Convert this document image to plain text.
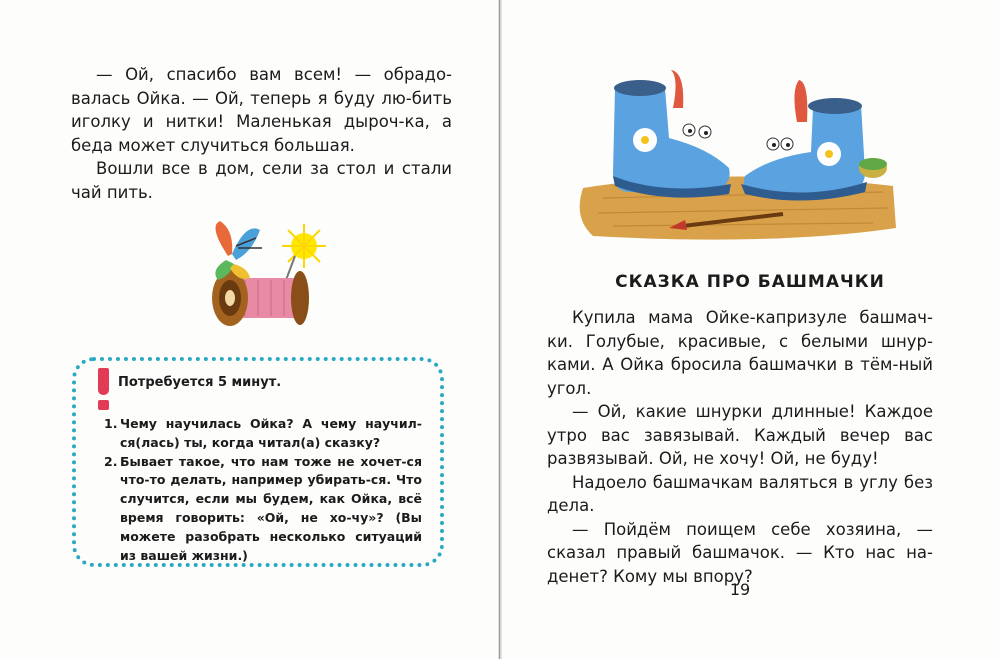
— Ой, спасибо вам всем! — обрадо-валась Ойка. — Ой, теперь я буду лю-бить иголку и нитки! Маленькая дыроч-ка, а беда может случиться большая.

Вошли все в дом, сели за стол и стали чай пить.

Потребуется 5 минут.

1. Чему научилась Ойка? А чему научил-ся(лась) ты, когда читал(а) сказку?

2. Бывает такое, что нам тоже не хочет-ся что-то делать, например убирать-ся. Что случится, если мы будем, как Ойка, всё время говорить: «Ой, не хо-чу»? (Вы можете разобрать несколько ситуаций из вашей жизни.)

СКАЗКА ПРО БАШМАЧКИ

Купила мама Ойке-капризуле башмач-ки. Голубые, красивые, с белыми шнур-ками. А Ойка бросила башмачки в тём-ный угол.

— Ой, какие шнурки длинные! Каждое утро вас завязывай. Каждый вечер вас развязывай. Ой, не хочу! Ой, не буду!

Надоело башмачкам валяться в углу без дела.

— Пойдём поищем себе хозяина, — сказал правый башмачок. — Кто нас на-денет? Кому мы впору?

19
